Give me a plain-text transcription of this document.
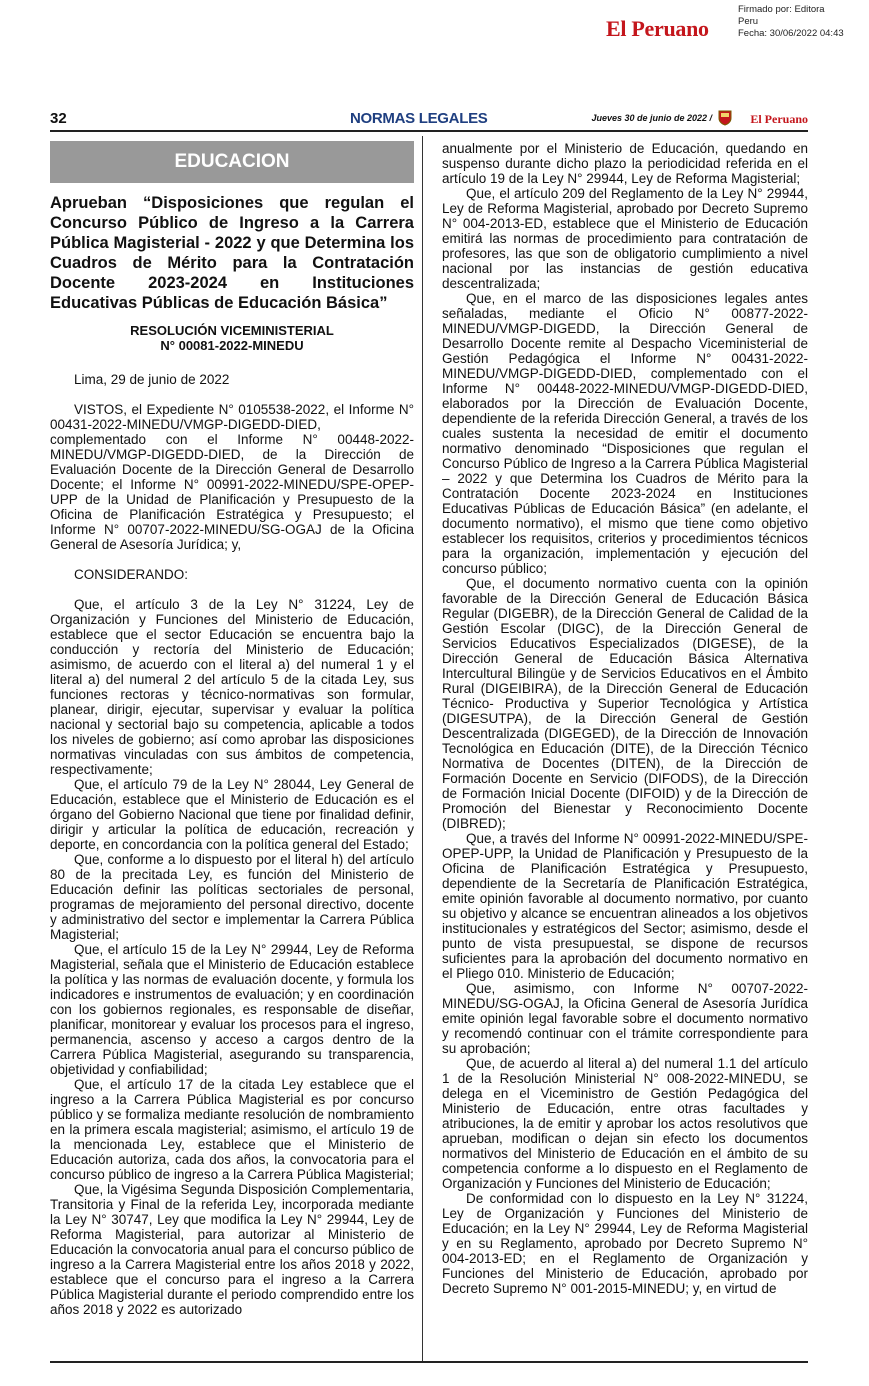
Firmado por: Editora
Peru
Fecha: 30/06/2022 04:43
El Peruano
32	NORMAS LEGALES	Jueves 30 de junio de 2022 /	El Peruano
EDUCACION
Aprueban “Disposiciones que regulan el Concurso Público de Ingreso a la Carrera Pública Magisterial - 2022 y que Determina los Cuadros de Mérito para la Contratación Docente 2023-2024 en Instituciones Educativas Públicas de Educación Básica”
RESOLUCIÓN VICEMINISTERIAL
N° 00081-2022-MINEDU

Lima, 29 de junio de 2022

VISTOS, el Expediente N° 0105538-2022, el Informe N° 00431-2022-MINEDU/VMGP-DIGEDD-DIED, complementado con el Informe N° 00448-2022-MINEDU/VMGP-DIGEDD-DIED, de la Dirección de Evaluación Docente de la Dirección General de Desarrollo Docente; el Informe N° 00991-2022-MINEDU/SPE-OPEP-UPP de la Unidad de Planificación y Presupuesto de la Oficina de Planificación Estratégica y Presupuesto; el Informe N° 00707-2022-MINEDU/SG-OGAJ de la Oficina General de Asesoría Jurídica; y,

CONSIDERANDO:

Que, el artículo 3 de la Ley N° 31224, Ley de Organización y Funciones del Ministerio de Educación, establece que el sector Educación se encuentra bajo la conducción y rectoría del Ministerio de Educación; asimismo, de acuerdo con el literal a) del numeral 1 y el literal a) del numeral 2 del artículo 5 de la citada Ley, sus funciones rectoras y técnico-normativas son formular, planear, dirigir, ejecutar, supervisar y evaluar la política nacional y sectorial bajo su competencia, aplicable a todos los niveles de gobierno; así como aprobar las disposiciones normativas vinculadas con sus ámbitos de competencia, respectivamente;

Que, el artículo 79 de la Ley N° 28044, Ley General de Educación, establece que el Ministerio de Educación es el órgano del Gobierno Nacional que tiene por finalidad definir, dirigir y articular la política de educación, recreación y deporte, en concordancia con la política general del Estado;

Que, conforme a lo dispuesto por el literal h) del artículo 80 de la precitada Ley, es función del Ministerio de Educación definir las políticas sectoriales de personal, programas de mejoramiento del personal directivo, docente y administrativo del sector e implementar la Carrera Pública Magisterial;

Que, el artículo 15 de la Ley N° 29944, Ley de Reforma Magisterial, señala que el Ministerio de Educación establece la política y las normas de evaluación docente, y formula los indicadores e instrumentos de evaluación; y en coordinación con los gobiernos regionales, es responsable de diseñar, planificar, monitorear y evaluar los procesos para el ingreso, permanencia, ascenso y acceso a cargos dentro de la Carrera Pública Magisterial, asegurando su transparencia, objetividad y confiabilidad;

Que, el artículo 17 de la citada Ley establece que el ingreso a la Carrera Pública Magisterial es por concurso público y se formaliza mediante resolución de nombramiento en la primera escala magisterial; asimismo, el artículo 19 de la mencionada Ley, establece que el Ministerio de Educación autoriza, cada dos años, la convocatoria para el concurso público de ingreso a la Carrera Pública Magisterial;

Que, la Vigésima Segunda Disposición Complementaria, Transitoria y Final de la referida Ley, incorporada mediante la Ley N° 30747, Ley que modifica la Ley N° 29944, Ley de Reforma Magisterial, para autorizar al Ministerio de Educación la convocatoria anual para el concurso público de ingreso a la Carrera Magisterial entre los años 2018 y 2022, establece que el concurso para el ingreso a la Carrera Pública Magisterial durante el periodo comprendido entre los años 2018 y 2022 es autorizado

anualmente por el Ministerio de Educación, quedando en suspenso durante dicho plazo la periodicidad referida en el artículo 19 de la Ley N° 29944, Ley de Reforma Magisterial;

Que, el artículo 209 del Reglamento de la Ley N° 29944, Ley de Reforma Magisterial, aprobado por Decreto Supremo N° 004-2013-ED, establece que el Ministerio de Educación emitirá las normas de procedimiento para contratación de profesores, las que son de obligatorio cumplimiento a nivel nacional por las instancias de gestión educativa descentralizada;

Que, en el marco de las disposiciones legales antes señaladas, mediante el Oficio N° 00877-2022-MINEDU/VMGP-DIGEDD, la Dirección General de Desarrollo Docente remite al Despacho Viceministerial de Gestión Pedagógica el Informe N° 00431-2022-MINEDU/VMGP-DIGEDD-DIED, complementado con el Informe N° 00448-2022-MINEDU/VMGP-DIGEDD-DIED, elaborados por la Dirección de Evaluación Docente, dependiente de la referida Dirección General, a través de los cuales sustenta la necesidad de emitir el documento normativo denominado “Disposiciones que regulan el Concurso Público de Ingreso a la Carrera Pública Magisterial – 2022 y que Determina los Cuadros de Mérito para la Contratación Docente 2023-2024 en Instituciones Educativas Públicas de Educación Básica” (en adelante, el documento normativo), el mismo que tiene como objetivo establecer los requisitos, criterios y procedimientos técnicos para la organización, implementación y ejecución del concurso público;

Que, el documento normativo cuenta con la opinión favorable de la Dirección General de Educación Básica Regular (DIGEBR), de la Dirección General de Calidad de la Gestión Escolar (DIGC), de la Dirección General de Servicios Educativos Especializados (DIGESE), de la Dirección General de Educación Básica Alternativa Intercultural Bilingüe y de Servicios Educativos en el Ámbito Rural (DIGEIBIRA), de la Dirección General de Educación Técnico- Productiva y Superior Tecnológica y Artística (DIGESUTPA), de la Dirección General de Gestión Descentralizada (DIGEGED), de la Dirección de Innovación Tecnológica en Educación (DITE), de la Dirección Técnico Normativa de Docentes (DITEN), de la Dirección de Formación Docente en Servicio (DIFODS), de la Dirección de Formación Inicial Docente (DIFOID) y de la Dirección de Promoción del Bienestar y Reconocimiento Docente (DIBRED);

Que, a través del Informe N° 00991-2022-MINEDU/SPE-OPEP-UPP, la Unidad de Planificación y Presupuesto de la Oficina de Planificación Estratégica y Presupuesto, dependiente de la Secretaría de Planificación Estratégica, emite opinión favorable al documento normativo, por cuanto su objetivo y alcance se encuentran alineados a los objetivos institucionales y estratégicos del Sector; asimismo, desde el punto de vista presupuestal, se dispone de recursos suficientes para la aprobación del documento normativo en el Pliego 010. Ministerio de Educación;

Que, asimismo, con Informe N° 00707-2022-MINEDU/SG-OGAJ, la Oficina General de Asesoría Jurídica emite opinión legal favorable sobre el documento normativo y recomendó continuar con el trámite correspondiente para su aprobación;

Que, de acuerdo al literal a) del numeral 1.1 del artículo 1 de la Resolución Ministerial N° 008-2022-MINEDU, se delega en el Viceministro de Gestión Pedagógica del Ministerio de Educación, entre otras facultades y atribuciones, la de emitir y aprobar los actos resolutivos que aprueban, modifican o dejan sin efecto los documentos normativos del Ministerio de Educación en el ámbito de su competencia conforme a lo dispuesto en el Reglamento de Organización y Funciones del Ministerio de Educación;

De conformidad con lo dispuesto en la Ley N° 31224, Ley de Organización y Funciones del Ministerio de Educación; en la Ley N° 29944, Ley de Reforma Magisterial y en su Reglamento, aprobado por Decreto Supremo N° 004-2013-ED; en el Reglamento de Organización y Funciones del Ministerio de Educación, aprobado por Decreto Supremo N° 001-2015-MINEDU; y, en virtud de
